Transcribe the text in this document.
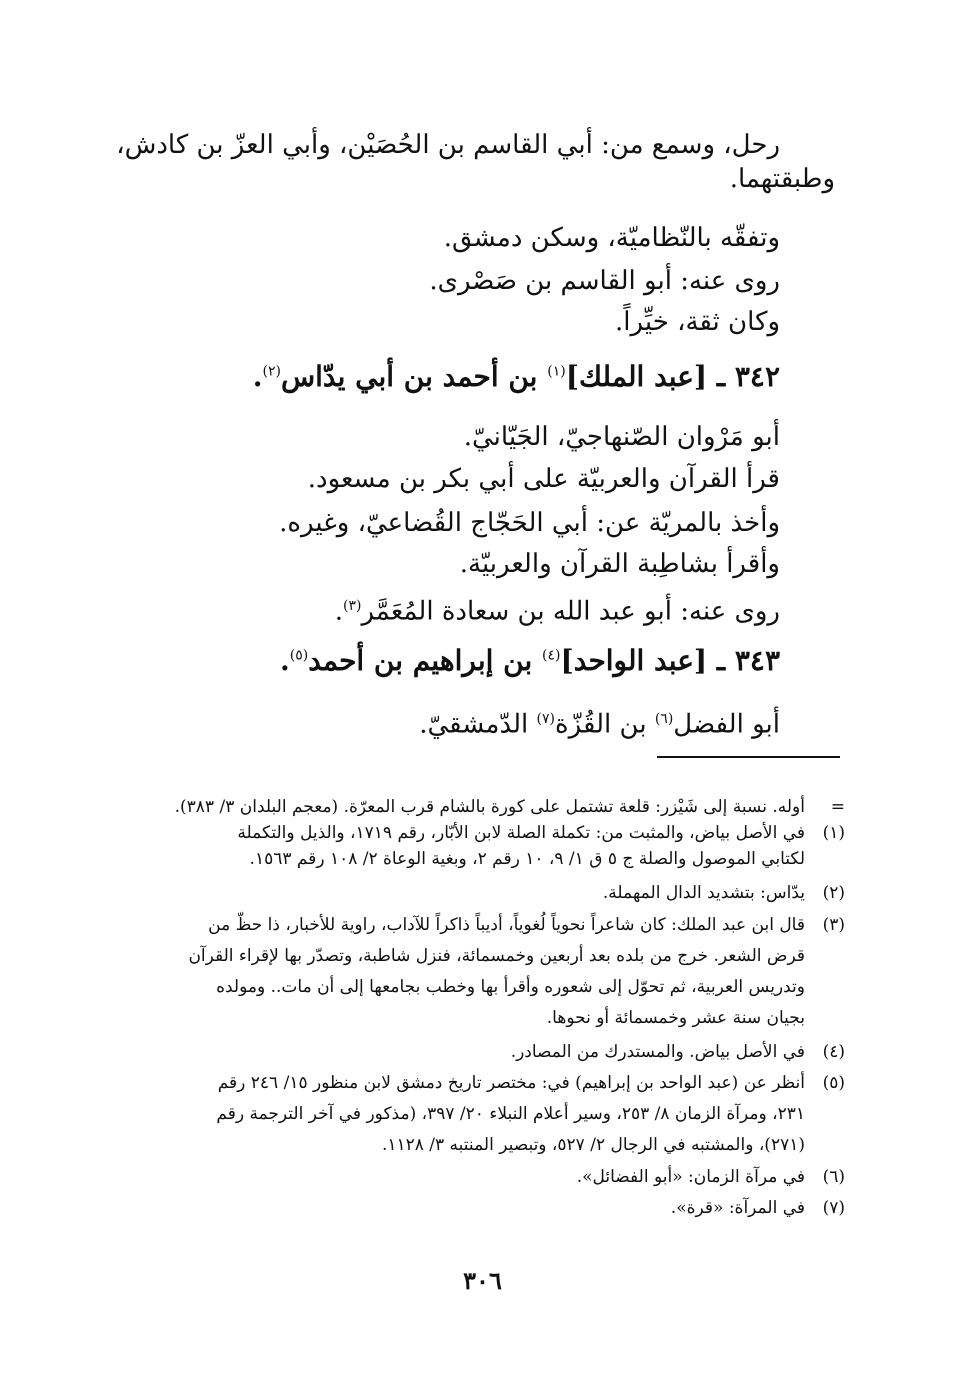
رحل، وسمع من: أبي القاسم بن الحُصَيْن، وأبي العزّ بن كادش،
وطبقتهما.
وتفقّه بالنّظاميّة، وسكن دمشق.
روى عنه: أبو القاسم بن صَصْرى.
وكان ثقة، خيِّراً.
٣٤٢ ـ [عبد الملك]$^{(١)}$ بن أحمد بن أبي يدّاس$^{(٢)}$.
أبو مَرْوان الصّنهاجيّ، الجَيّانيّ.
قرأ القرآن والعربيّة على أبي بكر بن مسعود.
وأخذ بالمريّة عن: أبي الحَجّاج القُضاعيّ، وغيره.
وأقرأ بشاطِبة القرآن والعربيّة.
روى عنه: أبو عبد الله بن سعادة المُعَمَّر$^{(٣)}$.
٣٤٣ ـ [عبد الواحد]$^{(٤)}$ بن إبراهيم بن أحمد$^{(٥)}$.
أبو الفضل$^{(٦)}$ بن القُزّة$^{(٧)}$ الدّمشقيّ.
=
أوله. نسبة إلى شَيْزر: قلعة تشتمل على كورة بالشام قرب المعرّة. (معجم البلدان ٣/ ٣٨٣).
(١)
في الأصل بياض، والمثبت من: تكملة الصلة لابن الأبّار، رقم ١٧١٩، والذيل والتكملة
لكتابي الموصول والصلة ج ٥ ق ١/ ٩، ١٠ رقم ٢، وبغية الوعاة ٢/ ١٠٨ رقم ١٥٦٣.
(٢)
يدّاس: بتشديد الدال المهملة.
(٣)
قال ابن عبد الملك: كان شاعراً نحوياً لُغوياً، أديباً ذاكراً للآداب، راوية للأخبار، ذا حظّ من
قرض الشعر. خرج من بلده بعد أربعين وخمسمائة، فنزل شاطبة، وتصدّر بها لإقراء القرآن
وتدريس العربية، ثم تحوّل إلى شعوره وأقرأ بها وخطب بجامعها إلى أن مات.. ومولده
بجيان سنة عشر وخمسمائة أو نحوها.
(٤)
في الأصل بياض. والمستدرك من المصادر.
(٥)
أنظر عن (عبد الواحد بن إبراهيم) في: مختصر تاريخ دمشق لابن منظور ١٥/ ٢٤٦ رقم
٢٣١، ومرآة الزمان ٨/ ٢٥٣، وسير أعلام النبلاء ٢٠/ ٣٩٧، (مذكور في آخر الترجمة رقم
(٢٧١)، والمشتبه في الرجال ٢/ ٥٢٧، وتبصير المنتبه ٣/ ١١٢٨.
(٦)
في مرآة الزمان: «أبو الفضائل».
(٧)
في المرآة: «قرة».
٣٠٦
